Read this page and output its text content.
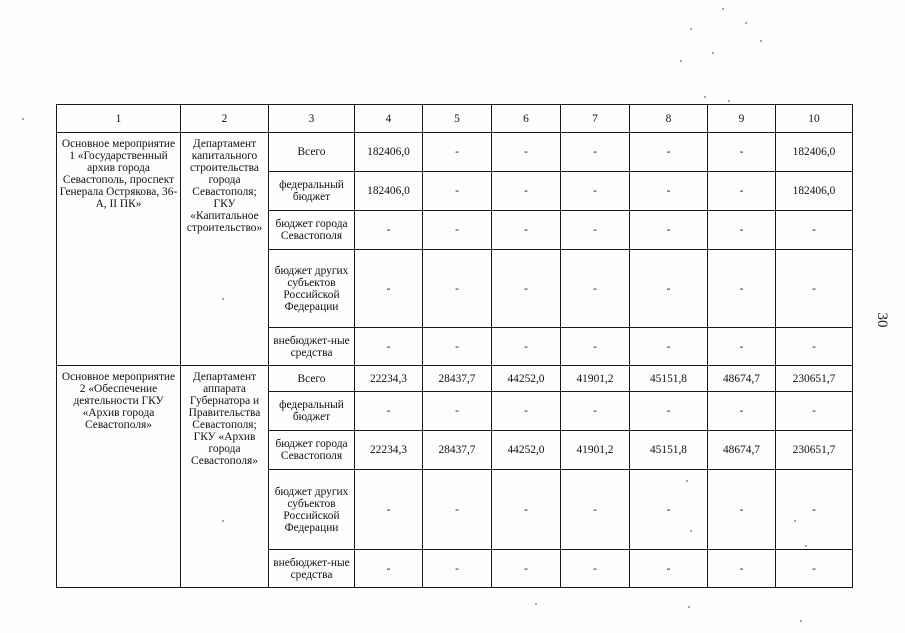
1	2	3	4	5	6	7	8	9	10
Основное мероприятие 1 «Государственный архив города Севастополь, проспект Генерала Острякова, 36-А, II ПК»	Департамент капитального строительства города Севастополя; ГКУ «Капитальное строительство»	Всего	182406,0	-	-	-	-	-	182406,0
		федеральный бюджет	182406,0	-	-	-	-	-	182406,0
		бюджет города Севастополя	-	-	-	-	-	-	-
		бюджет других субъектов Российской Федерации	-	-	-	-	-	-	-
		внебюджет-ные средства	-	-	-	-	-	-	-
Основное мероприятие 2 «Обеспечение деятельности ГКУ «Архив города Севастополя»	Департамент аппарата Губернатора и Правительства Севастополя; ГКУ «Архив города Севастополя»	Всего	22234,3	28437,7	44252,0	41901,2	45151,8	48674,7	230651,7
		федеральный бюджет	-	-	-	-	-	-	-
		бюджет города Севастополя	22234,3	28437,7	44252,0	41901,2	45151,8	48674,7	230651,7
		бюджет других субъектов Российской Федерации	-	-	-	-	-	-	-
		внебюджет-ные средства	-	-	-	-	-	-	-
30
